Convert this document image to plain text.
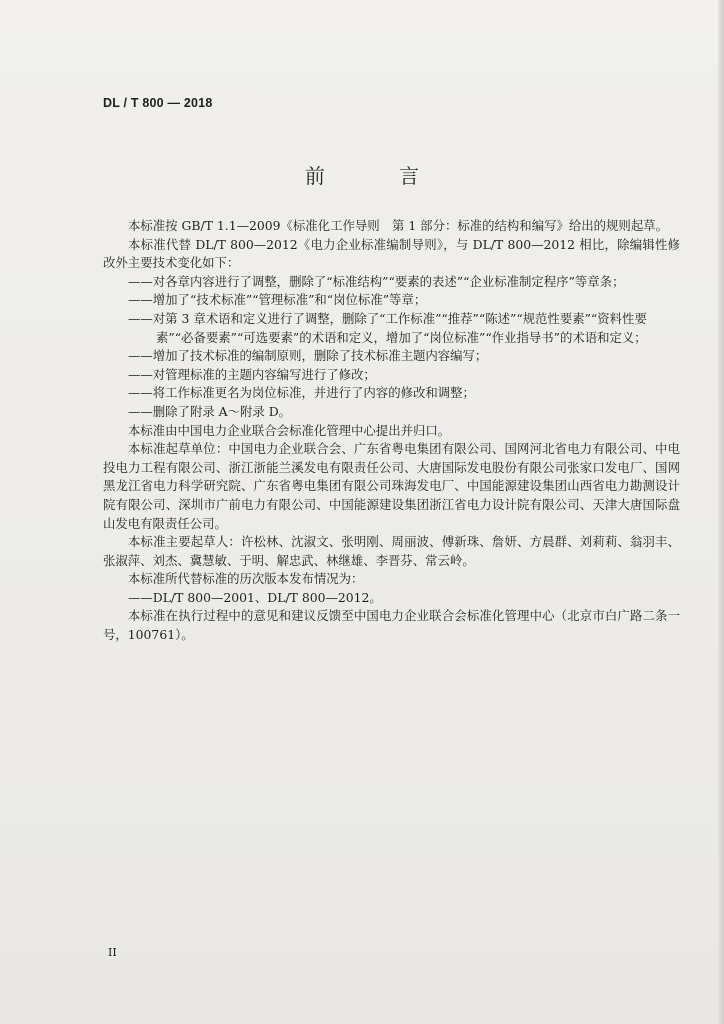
DL / T 800 — 2018
前 言

本标准按 GB/T 1.1—2009《标准化工作导则　第 1 部分：标准的结构和编写》给出的规则起草。

本标准代替 DL/T 800—2012《电力企业标准编制导则》，与 DL/T 800—2012 相比，除编辑性修改外主要技术变化如下：

——对各章内容进行了调整，删除了“标准结构”“要素的表述”“企业标准制定程序”等章条；

——增加了“技术标准”“管理标准”和“岗位标准”等章；

——对第 3 章术语和定义进行了调整，删除了“工作标准”“推荐”“陈述”“规范性要素”“资料性要素”“必备要素”“可选要素”的术语和定义，增加了“岗位标准”“作业指导书”的术语和定义；

——增加了技术标准的编制原则，删除了技术标准主题内容编写；

——对管理标准的主题内容编写进行了修改；

——将工作标准更名为岗位标准，并进行了内容的修改和调整；

——删除了附录 A～附录 D。

本标准由中国电力企业联合会标准化管理中心提出并归口。

本标准起草单位：中国电力企业联合会、广东省粤电集团有限公司、国网河北省电力有限公司、中电投电力工程有限公司、浙江浙能兰溪发电有限责任公司、大唐国际发电股份有限公司张家口发电厂、国网黑龙江省电力科学研究院、广东省粤电集团有限公司珠海发电厂、中国能源建设集团山西省电力勘测设计院有限公司、深圳市广前电力有限公司、中国能源建设集团浙江省电力设计院有限公司、天津大唐国际盘山发电有限责任公司。

本标准主要起草人：许松林、沈淑文、张明刚、周丽波、傅新珠、詹妍、方晨群、刘莉莉、翁羽丰、张淑萍、刘杰、冀慧敏、于明、解忠武、林继雄、李晋芬、常云岭。

本标准所代替标准的历次版本发布情况为：

——DL/T 800—2001、DL/T 800—2012。

本标准在执行过程中的意见和建议反馈至中国电力企业联合会标准化管理中心（北京市白广路二条一号，100761）。

II
